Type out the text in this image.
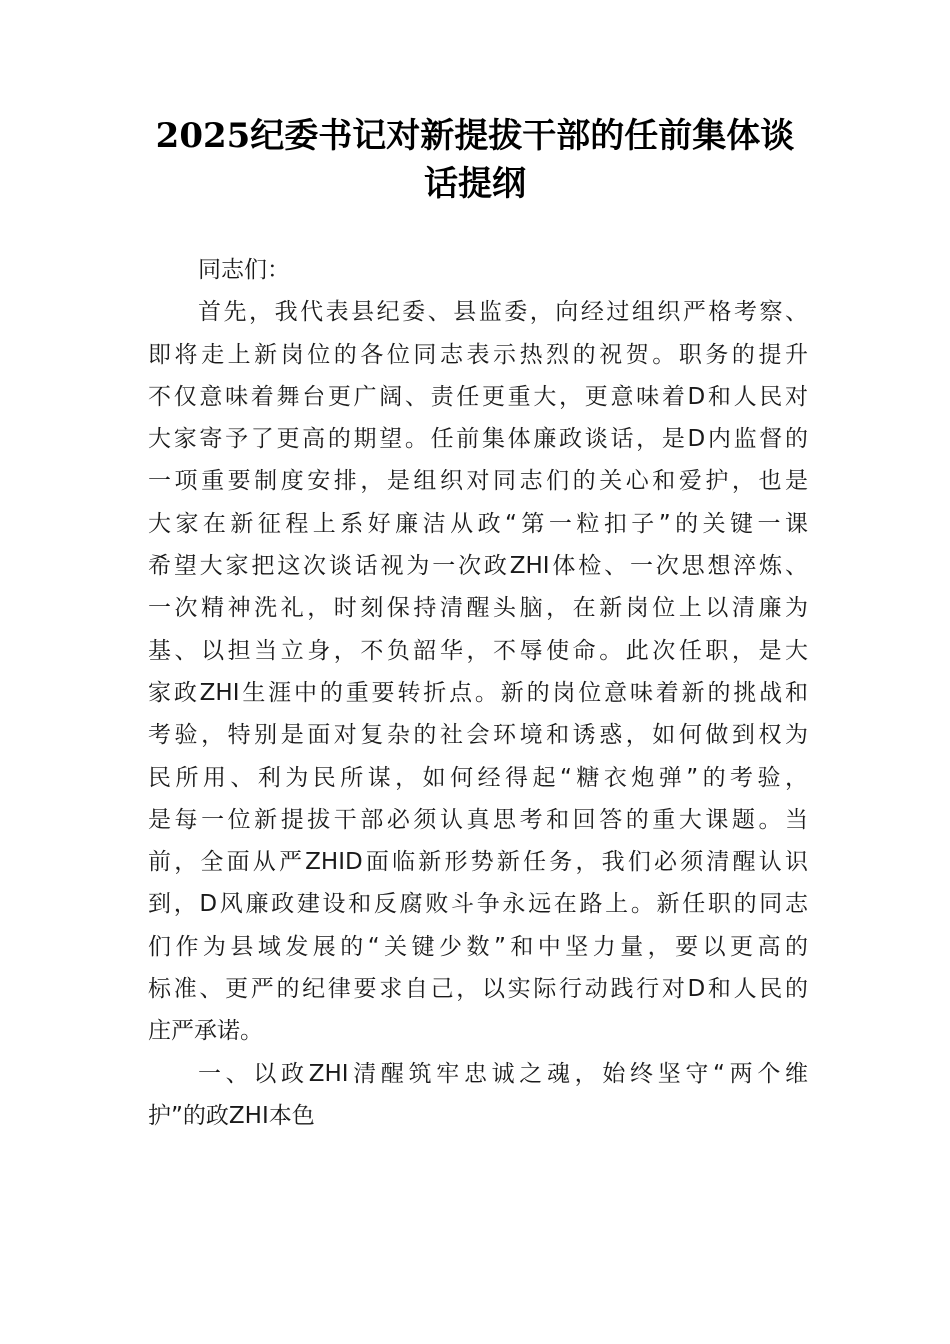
2025纪委书记对新提拔干部的任前集体谈
话提纲
同志们：
首先，我代表县纪委、县监委，向经过组织严格考察、
即将走上新岗位的各位同志表示热烈的祝贺。职务的提升
不仅意味着舞台更广阔、责任更重大，更意味着D和人民对
大家寄予了更高的期望。任前集体廉政谈话，是D内监督的
一项重要制度安排，是组织对同志们的关心和爱护，也是
大家在新征程上系好廉洁从政“第一粒扣子”的关键一课
希望大家把这次谈话视为一次政ZHI体检、一次思想淬炼、
一次精神洗礼，时刻保持清醒头脑，在新岗位上以清廉为
基、以担当立身，不负韶华，不辱使命。此次任职，是大
家政ZHI生涯中的重要转折点。新的岗位意味着新的挑战和
考验，特别是面对复杂的社会环境和诱惑，如何做到权为
民所用、利为民所谋，如何经得起“糖衣炮弹”的考验，
是每一位新提拔干部必须认真思考和回答的重大课题。当
前，全面从严ZHID面临新形势新任务，我们必须清醒认识
到，D风廉政建设和反腐败斗争永远在路上。新任职的同志
们作为县域发展的“关键少数”和中坚力量，要以更高的
标准、更严的纪律要求自己，以实际行动践行对D和人民的
庄严承诺。
一、以政ZHI清醒筑牢忠诚之魂，始终坚守“两个维
护”的政ZHI本色
